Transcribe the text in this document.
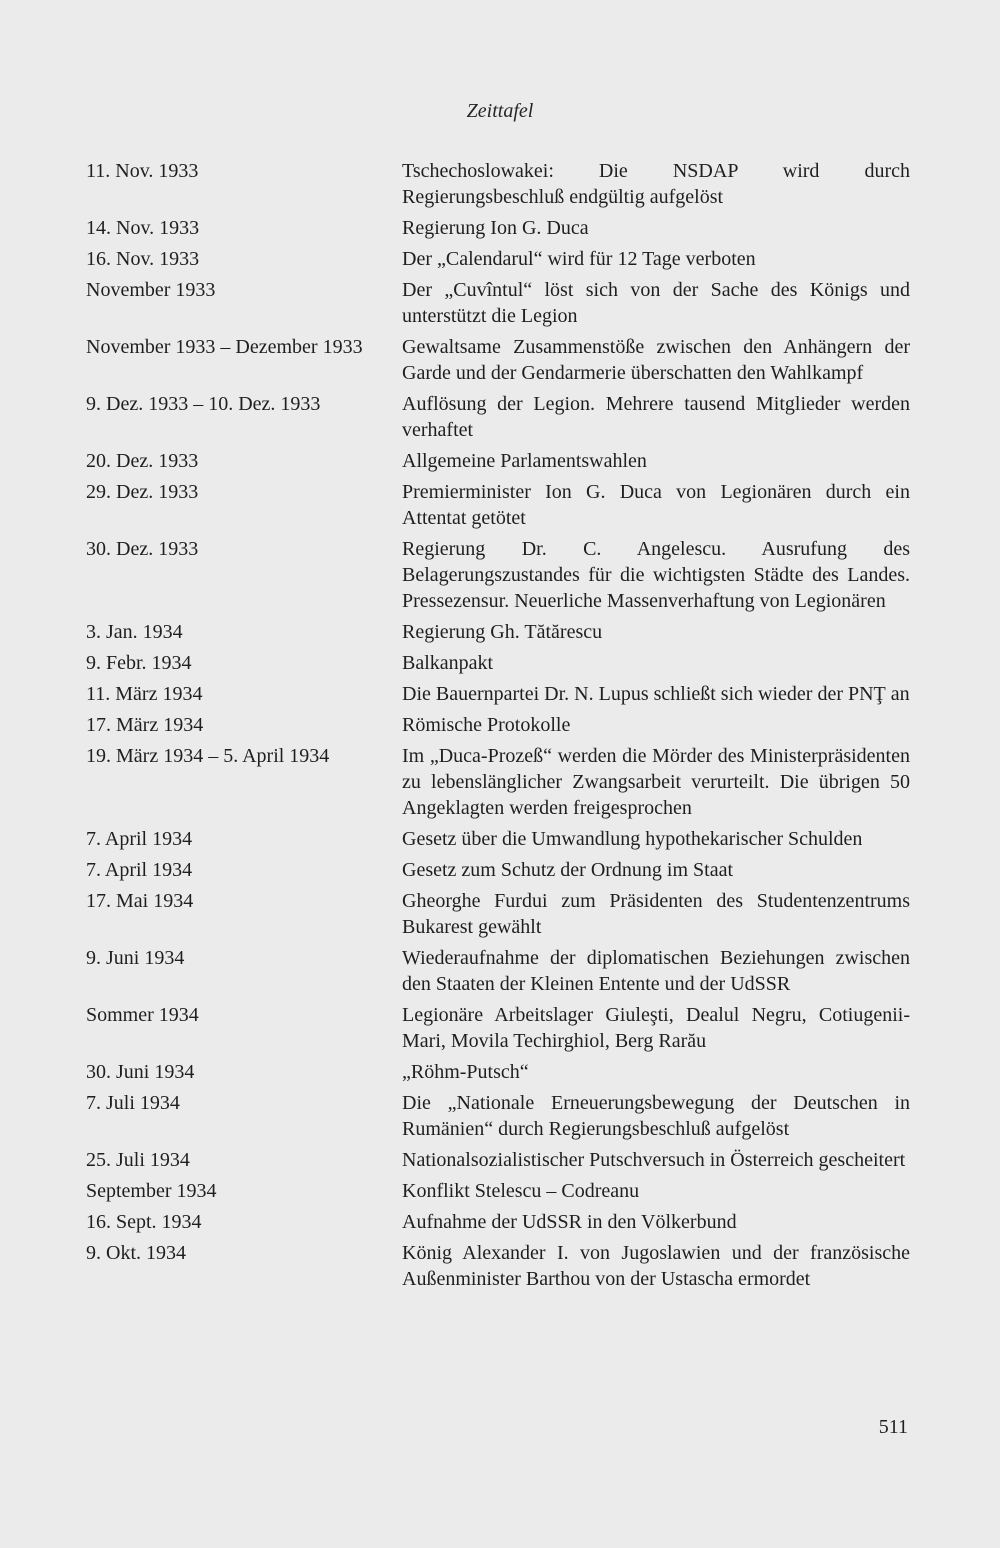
Zeittafel
11. Nov. 1933	Tschechoslowakei: Die NSDAP wird durch Regierungsbeschluß endgültig aufgelöst
14. Nov. 1933	Regierung Ion G. Duca
16. Nov. 1933	Der „Calendarul“ wird für 12 Tage verboten
November 1933	Der „Cuvîntul“ löst sich von der Sache des Königs und unterstützt die Legion
November 1933 – Dezember 1933	Gewaltsame Zusammenstöße zwischen den Anhängern der Garde und der Gendarmerie überschatten den Wahlkampf
9. Dez. 1933 – 10. Dez. 1933	Auflösung der Legion. Mehrere tausend Mitglieder werden verhaftet
20. Dez. 1933	Allgemeine Parlamentswahlen
29. Dez. 1933	Premierminister Ion G. Duca von Legionären durch ein Attentat getötet
30. Dez. 1933	Regierung Dr. C. Angelescu. Ausrufung des Belagerungszustandes für die wichtigsten Städte des Landes. Pressezensur. Neuerliche Massenverhaftung von Legionären
3. Jan. 1934	Regierung Gh. Tătărescu
9. Febr. 1934	Balkanpakt
11. März 1934	Die Bauernpartei Dr. N. Lupus schließt sich wieder der PNŢ an
17. März 1934	Römische Protokolle
19. März 1934 – 5. April 1934	Im „Duca-Prozeß“ werden die Mörder des Ministerpräsidenten zu lebenslänglicher Zwangsarbeit verurteilt. Die übrigen 50 Angeklagten werden freigesprochen
7. April 1934	Gesetz über die Umwandlung hypothekarischer Schulden
7. April 1934	Gesetz zum Schutz der Ordnung im Staat
17. Mai 1934	Gheorghe Furdui zum Präsidenten des Studentenzentrums Bukarest gewählt
9. Juni 1934	Wiederaufnahme der diplomatischen Beziehungen zwischen den Staaten der Kleinen Entente und der UdSSR
Sommer 1934	Legionäre Arbeitslager Giuleşti, Dealul Negru, Cotiugenii-Mari, Movila Techirghiol, Berg Rarău
30. Juni 1934	„Röhm-Putsch“
7. Juli 1934	Die „Nationale Erneuerungsbewegung der Deutschen in Rumänien“ durch Regierungsbeschluß aufgelöst
25. Juli 1934	Nationalsozialistischer Putschversuch in Österreich gescheitert
September 1934	Konflikt Stelescu – Codreanu
16. Sept. 1934	Aufnahme der UdSSR in den Völkerbund
9. Okt. 1934	König Alexander I. von Jugoslawien und der französische Außenminister Barthou von der Ustascha ermordet
511
